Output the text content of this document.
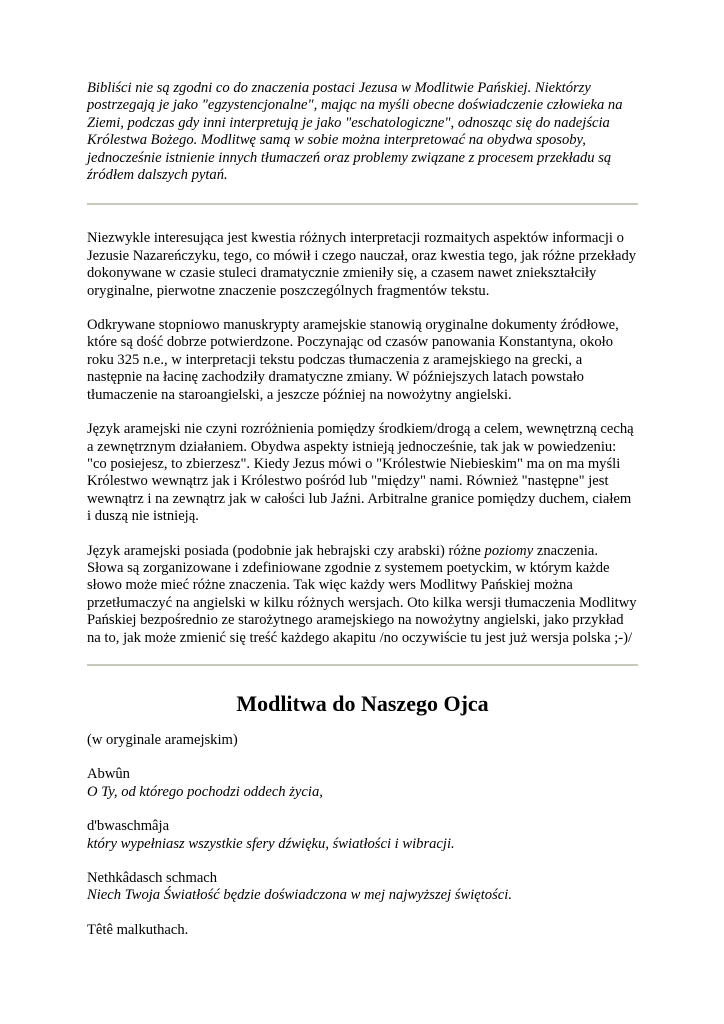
Bibliści nie są zgodni co do znaczenia postaci Jezusa w Modlitwie Pańskiej. Niektórzy postrzegają je jako "egzystencjonalne", mając na myśli obecne doświadczenie człowieka na Ziemi, podczas gdy inni interpretują je jako "eschatologiczne", odnosząc się do nadejścia Królestwa Bożego. Modlitwę samą w sobie można interpretować na obydwa sposoby, jednocześnie istnienie innych tłumaczeń oraz problemy związane z procesem przekładu są źródłem dalszych pytań.

Niezwykle interesująca jest kwestia różnych interpretacji rozmaitych aspektów informacji o Jezusie Nazareńczyku, tego, co mówił i czego nauczał, oraz kwestia tego, jak różne przekłady dokonywane w czasie stuleci dramatycznie zmieniły się, a czasem nawet zniekształciły oryginalne, pierwotne znaczenie poszczególnych fragmentów tekstu.

Odkrywane stopniowo manuskrypty aramejskie stanowią oryginalne dokumenty źródłowe, które są dość dobrze potwierdzone. Poczynając od czasów panowania Konstantyna, około roku 325 n.e., w interpretacji tekstu podczas tłumaczenia z aramejskiego na grecki, a następnie na łacinę zachodziły dramatyczne zmiany. W późniejszych latach powstało tłumaczenie na staroangielski, a jeszcze później na nowożytny angielski.

Język aramejski nie czyni rozróżnienia pomiędzy środkiem/drogą a celem, wewnętrzną cechą a zewnętrznym działaniem. Obydwa aspekty istnieją jednocześnie, tak jak w powiedzeniu: "co posiejesz, to zbierzesz". Kiedy Jezus mówi o "Królestwie Niebieskim" ma on ma myśli Królestwo wewnątrz jak i Królestwo pośród lub "między" nami. Również "następne" jest wewnątrz i na zewnątrz jak w całości lub Jaźni. Arbitralne granice pomiędzy duchem, ciałem i duszą nie istnieją.

Język aramejski posiada (podobnie jak hebrajski czy arabski) różne poziomy znaczenia. Słowa są zorganizowane i zdefiniowane zgodnie z systemem poetyckim, w którym każde słowo może mieć różne znaczenia. Tak więc każdy wers Modlitwy Pańskiej można przetłumaczyć na angielski w kilku różnych wersjach. Oto kilka wersji tłumaczenia Modlitwy Pańskiej bezpośrednio ze starożytnego aramejskiego na nowożytny angielski, jako przykład na to, jak może zmienić się treść każdego akapitu /no oczywiście tu jest już wersja polska ;-)/

Modlitwa do Naszego Ojca

(w oryginale aramejskim)

Abwûn

O Ty, od którego pochodzi oddech życia,

d'bwaschmâja

który wypełniasz wszystkie sfery dźwięku, światłości i wibracji.

Nethkâdasch schmach

Niech Twoja Światłość będzie doświadczona w mej najwyższej świętości.

Têtê malkuthach.
